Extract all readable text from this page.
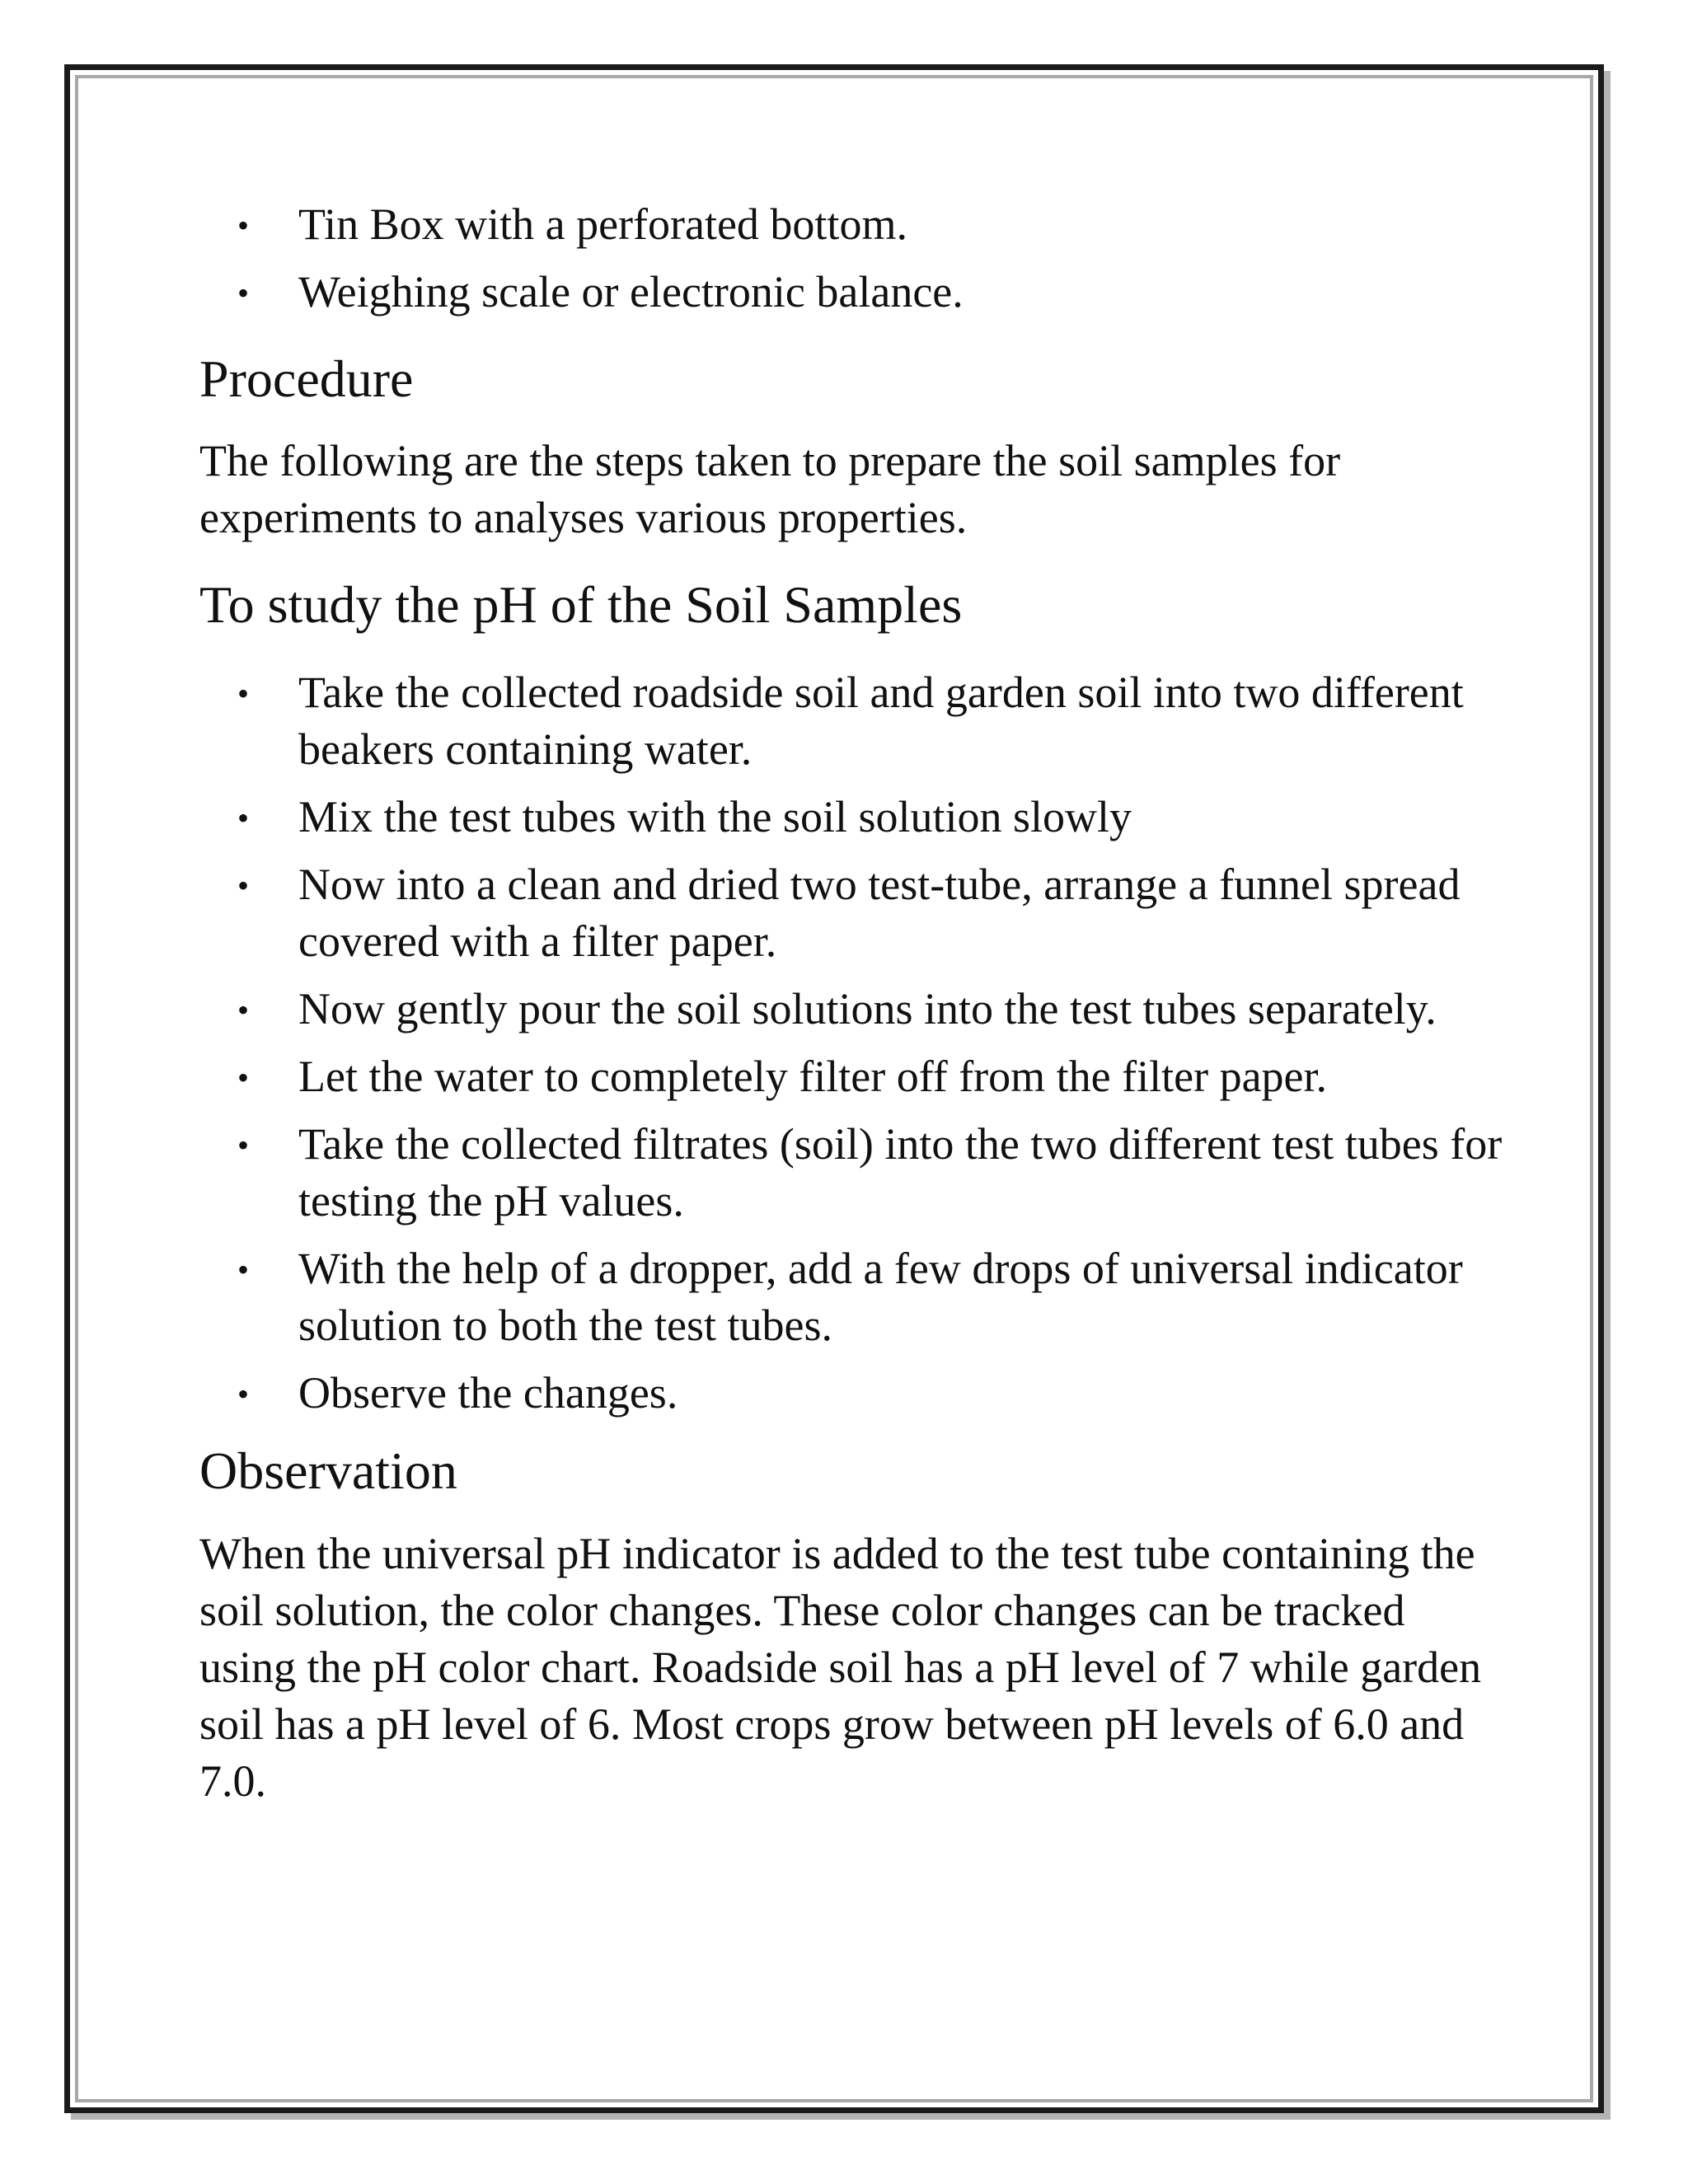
• Tin Box with a perforated bottom.
• Weighing scale or electronic balance.
Procedure

The following are the steps taken to prepare the soil samples for experiments to analyses various properties.

To study the pH of the Soil Samples
• Take the collected roadside soil and garden soil into two different beakers containing water.
• Mix the test tubes with the soil solution slowly
• Now into a clean and dried two test-tube, arrange a funnel spread covered with a filter paper.
• Now gently pour the soil solutions into the test tubes separately.
• Let the water to completely filter off from the filter paper.
• Take the collected filtrates (soil) into the two different test tubes for testing the pH values.
• With the help of a dropper, add a few drops of universal indicator solution to both the test tubes.
• Observe the changes.
Observation

When the universal pH indicator is added to the test tube containing the soil solution, the color changes. These color changes can be tracked using the pH color chart. Roadside soil has a pH level of 7 while garden soil has a pH level of 6. Most crops grow between pH levels of 6.0 and 7.0.
